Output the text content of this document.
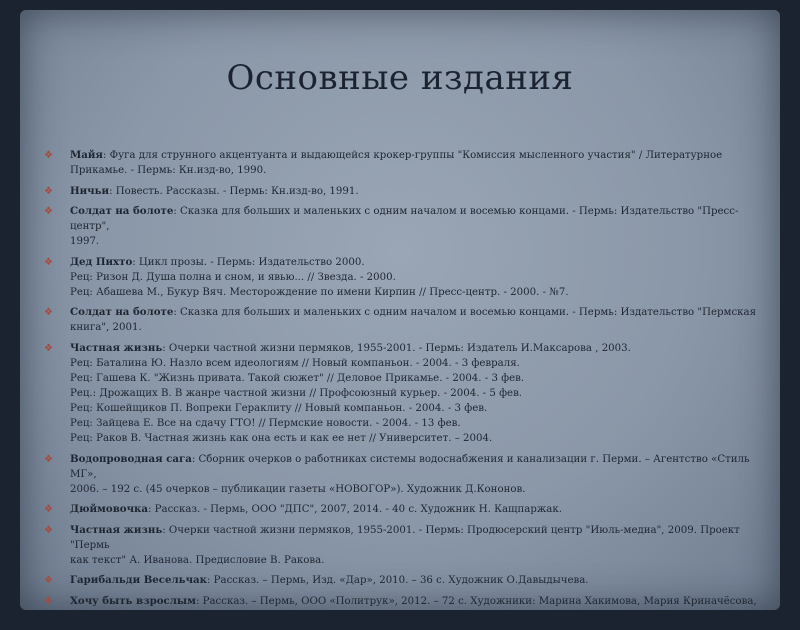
Основные издания
❖ Майя: Фуга для струнного акцентуанта и выдающейся крокер-группы "Комиссия мысленного участия" / Литературное
Прикамье. - Пермь: Кн.изд-во, 1990.
❖ Ничьи: Повесть. Рассказы. - Пермь: Кн.изд-во, 1991.
❖ Солдат на болоте: Сказка для больших и маленьких с одним началом и восемью концами. - Пермь: Издательство "Пресс-центр",
1997.
❖ Дед Пихто: Цикл прозы. - Пермь: Издательство 2000.
Рец: Ризон Д. Душа полна и сном, и явью... // Звезда. - 2000.
Рец: Абашева М., Букур Вяч. Месторождение по имени Кирпин // Пресс-центр. - 2000. - №7.
❖ Солдат на болоте: Сказка для больших и маленьких с одним началом и восемью концами. - Пермь: Издательство "Пермская
книга", 2001.
❖ Частная жизнь: Очерки частной жизни пермяков, 1955-2001. - Пермь: Издатель И.Максарова , 2003.
Рец: Баталина Ю. Назло всем идеологиям // Новый компаньон. - 2004. - 3 февраля.
Рец: Гашева К. "Жизнь привата. Такой сюжет" // Деловое Прикамье. - 2004. - 3 фев.
Рец.: Дрожащих В. В жанре частной жизни // Профсоюзный курьер. - 2004. - 5 фев.
Рец: Кошейщиков П. Вопреки Гераклиту // Новый компаньон. - 2004. - 3 фев.
Рец: Зайцева Е. Все на сдачу ГТО! // Пермские новости. - 2004. - 13 фев.
Рец: Раков В. Частная жизнь как она есть и как ее нет // Университет. – 2004.
❖ Водопроводная сага: Сборник очерков о работниках системы водоснабжения и канализации г. Перми. – Агентство «Стиль МГ»,
2006. – 192 с. (45 очерков – публикации газеты «НОВОГОР»). Художник Д.Кононов.
❖ Дюймовочка: Рассказ. - Пермь, ООО "ДПС", 2007, 2014. - 40 с. Художник Н. Кащпаржак.
❖ Частная жизнь: Очерки частной жизни пермяков, 1955-2001. - Пермь: Продюсерский центр "Июль-медиа", 2009. Проект "Пермь
как текст" А. Иванова. Предисловие В. Ракова.
❖ Гарибальди Весельчак: Рассказ. – Пермь, Изд. «Дар», 2010. – 36 с. Художник О.Давыдычева.
❖ Хочу быть взрослым: Рассказ. – Пермь, ООО «Политрук», 2012. – 72 с. Художники: Марина Хакимова, Мария Криначёсова,
Наталья Макарихина, Анна Мармыгина.
